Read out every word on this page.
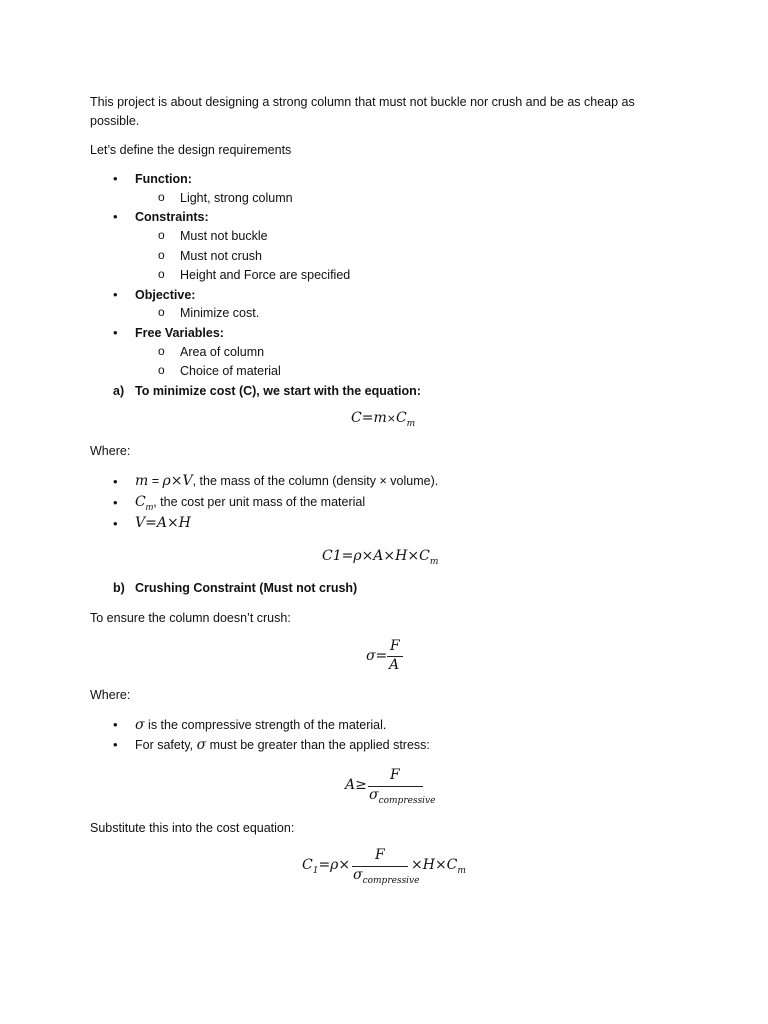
This project is about designing a strong column that must not buckle nor crush and be as cheap as
possible.
Let’s define the design requirements
• Function:
o Light, strong column
• Constraints:
o Must not buckle
o Must not crush
o Height and Force are specified
• Objective:
o Minimize cost.
• Free Variables:
o Area of column
o Choice of material
a) To minimize cost (C), we start with the equation:
$C=m\times C_m$
Where:
• m = ρ×V, the mass of the column (density × volume).
• $C_m$, the cost per unit mass of the material
• V=A×H
$C1=\rho\times A\times H\times C_m$
b) Crushing Constraint (Must not crush)
To ensure the column doesn’t crush:
σ=
F
A
Where:
• σ is the compressive strength of the material.
• For safety, σ must be greater than the applied stress:
A≥
F
$\sigma_{compressive}$
Substitute this into the cost equation:
$C_1=\rho\times$
F
$\sigma_{compressive}$
$\times H\times C_m$
